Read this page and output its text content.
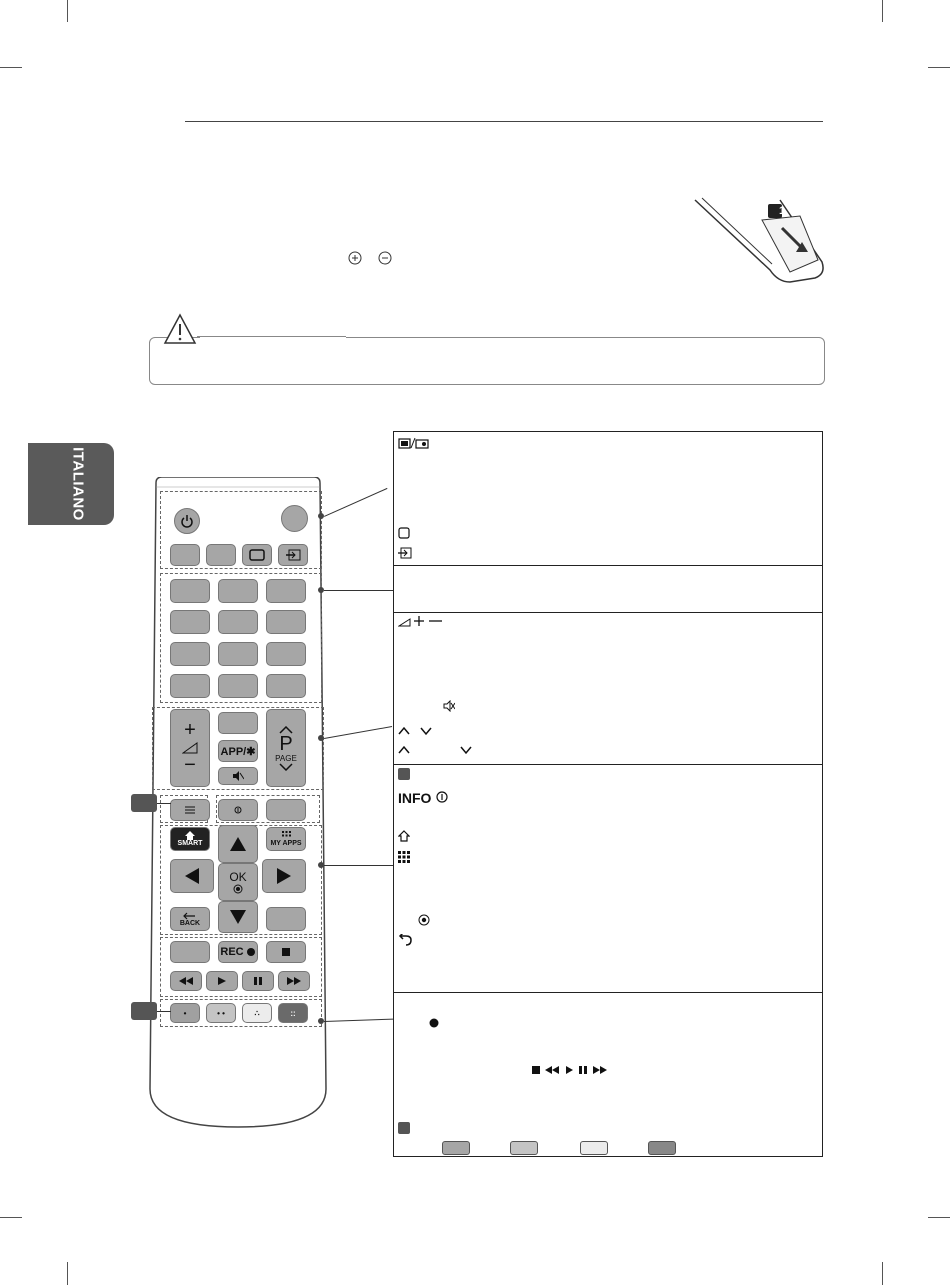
ITALIANO
1
+
−
APP/✱ P
PAGE
SMART	MY APPS
OK
BACK
REC
•	• •	∴	::
INFO
